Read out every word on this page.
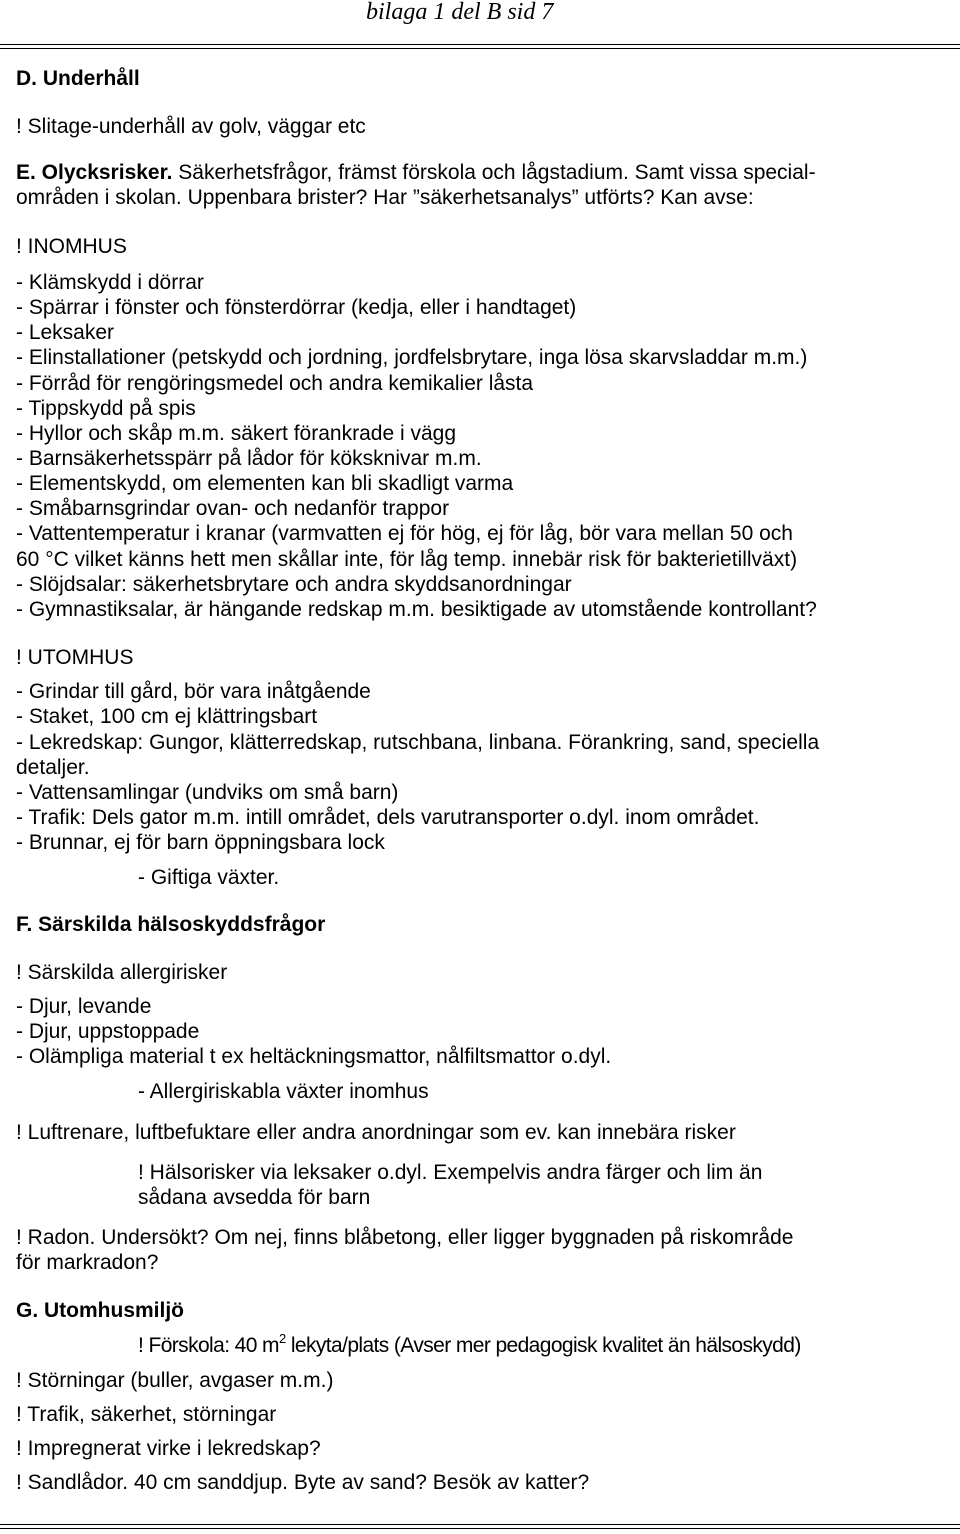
bilaga 1 del B sid 7
D. Underhåll
! Slitage-underhåll av golv, väggar etc
E. Olycksrisker. Säkerhetsfrågor, främst förskola och lågstadium. Samt vissa special-
områden i skolan. Uppenbara brister? Har ”säkerhetsanalys” utförts? Kan avse:
! INOMHUS
- Klämskydd i dörrar
- Spärrar i fönster och fönsterdörrar (kedja, eller i handtaget)
- Leksaker
- Elinstallationer (petskydd och jordning, jordfelsbrytare, inga lösa skarvsladdar m.m.)
- Förråd för rengöringsmedel och andra kemikalier låsta
- Tippskydd på spis
- Hyllor och skåp m.m. säkert förankrade i vägg
- Barnsäkerhetsspärr på lådor för köksknivar m.m.
- Elementskydd, om elementen kan bli skadligt varma
- Småbarnsgrindar ovan- och nedanför trappor
- Vattentemperatur i kranar (varmvatten ej för hög, ej för låg, bör vara mellan 50 och
60 °C vilket känns hett men skållar inte, för låg temp. innebär risk för bakterietillväxt)
- Slöjdsalar: säkerhetsbrytare och andra skyddsanordningar
- Gymnastiksalar, är hängande redskap m.m. besiktigade av utomstående kontrollant?
! UTOMHUS
- Grindar till gård, bör vara inåtgående
- Staket, 100 cm ej klättringsbart
- Lekredskap: Gungor, klätterredskap, rutschbana, linbana. Förankring, sand, speciella
detaljer.
- Vattensamlingar (undviks om små barn)
- Trafik: Dels gator m.m. intill området, dels varutransporter o.dyl. inom området.
- Brunnar, ej för barn öppningsbara lock
- Giftiga växter.
F. Särskilda hälsoskyddsfrågor
! Särskilda allergirisker
- Djur, levande
- Djur, uppstoppade
- Olämpliga material t ex heltäckningsmattor, nålfiltsmattor o.dyl.
- Allergiriskabla växter inomhus
! Luftrenare, luftbefuktare eller andra anordningar som ev. kan innebära risker
! Hälsorisker via leksaker o.dyl. Exempelvis andra färger och lim än
sådana avsedda för barn
! Radon. Undersökt? Om nej, finns blåbetong, eller ligger byggnaden på riskområde
för markradon?
G. Utomhusmiljö
! Förskola: 40 $m^2$ lekyta/plats (Avser mer pedagogisk kvalitet än hälsoskydd)
! Störningar (buller, avgaser m.m.)
! Trafik, säkerhet, störningar
! Impregnerat virke i lekredskap?
! Sandlådor. 40 cm sanddjup. Byte av sand? Besök av katter?
